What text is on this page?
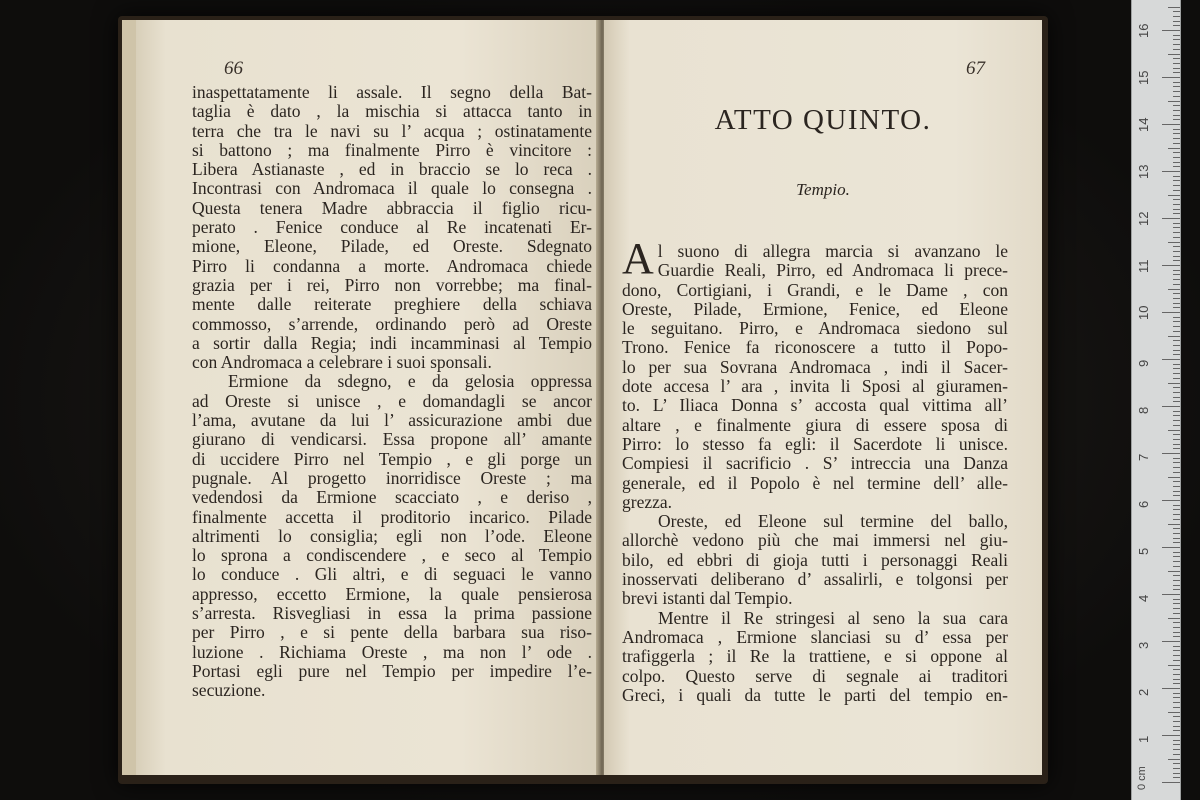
66
inaspettatamente li assale. Il segno della Bat-
taglia è dato , la mischia si attacca tanto in
terra che tra le navi su l’ acqua ; ostinatamente
si battono ; ma finalmente Pirro è vincitore :
Libera Astianaste , ed in braccio se lo reca .
Incontrasi con Andromaca il quale lo consegna .
Questa tenera Madre abbraccia il figlio ricu-
perato . Fenice conduce al Re incatenati Er-
mione, Eleone, Pilade, ed Oreste. Sdegnato
Pirro li condanna a morte. Andromaca chiede
grazia per i rei, Pirro non vorrebbe; ma final-
mente dalle reiterate preghiere della schiava
commosso, s’arrende, ordinando però ad Oreste
a sortir dalla Regia; indi incamminasi al Tempio
con Andromaca a celebrare i suoi sponsali.
Ermione da sdegno, e da gelosia oppressa
ad Oreste si unisce , e domandagli se ancor
l’ama, avutane da lui l’ assicurazione ambi due
giurano di vendicarsi. Essa propone all’ amante
di uccidere Pirro nel Tempio , e gli porge un
pugnale. Al progetto inorridisce Oreste ; ma
vedendosi da Ermione scacciato , e deriso ,
finalmente accetta il proditorio incarico. Pilade
altrimenti lo consiglia; egli non l’ode. Eleone
lo sprona a condiscendere , e seco al Tempio
lo conduce . Gli altri, e di seguaci le vanno
appresso, eccetto Ermione, la quale pensierosa
s’arresta. Risvegliasi in essa la prima passione
per Pirro , e si pente della barbara sua riso-
luzione . Richiama Oreste , ma non l’ ode .
Portasi egli pure nel Tempio per impedire l’e-
secuzione.
67
ATTO QUINTO.
Tempio.
A l suono di allegra marcia si avanzano le
Guardie Reali, Pirro, ed Andromaca li prece-
dono, Cortigiani, i Grandi, e le Dame , con
Oreste, Pilade, Ermione, Fenice, ed Eleone
le seguitano. Pirro, e Andromaca siedono sul
Trono. Fenice fa riconoscere a tutto il Popo-
lo per sua Sovrana Andromaca , indi il Sacer-
dote accesa l’ ara , invita li Sposi al giuramen-
to. L’ Iliaca Donna s’ accosta qual vittima all’
altare , e finalmente giura di essere sposa di
Pirro: lo stesso fa egli: il Sacerdote li unisce.
Compiesi il sacrificio . S’ intreccia una Danza
generale, ed il Popolo è nel termine dell’ alle-
grezza.
Oreste, ed Eleone sul termine del ballo,
allorchè vedono più che mai immersi nel giu-
bilo, ed ebbri di gioja tutti i personaggi Reali
inosservati deliberano d’ assalirli, e tolgonsi per
brevi istanti dal Tempio.
Mentre il Re stringesi al seno la sua cara
Andromaca , Ermione slanciasi su d’ essa per
trafiggerla ; il Re la trattiene, e si oppone al
colpo. Questo serve di segnale ai traditori
Greci, i quali da tutte le parti del tempio en-
0 cm
1
2
3
4
5
6
7
8
9
10
11
12
13
14
15
16
